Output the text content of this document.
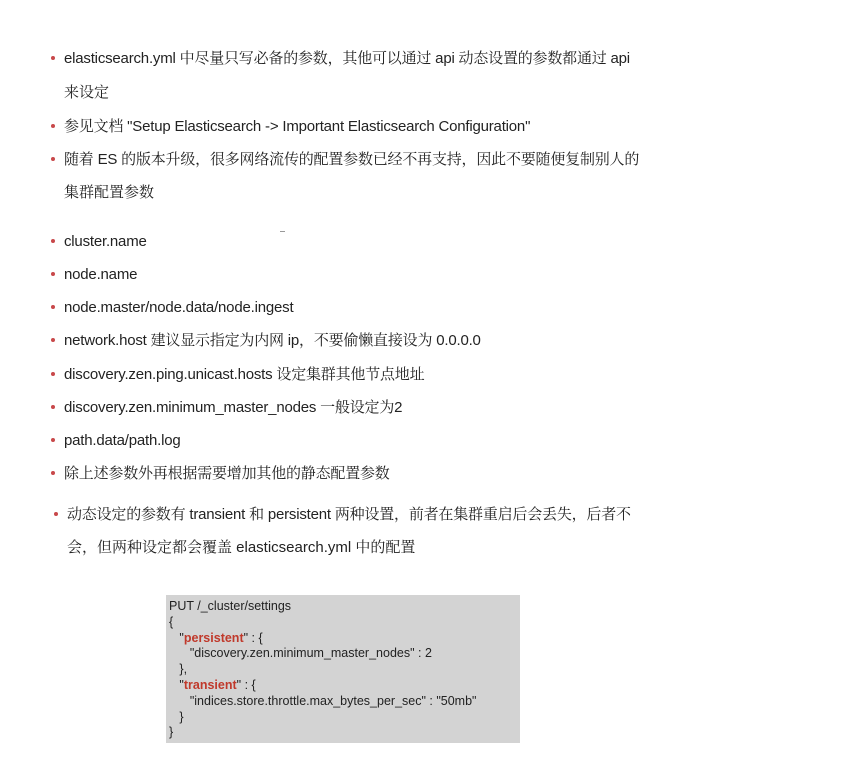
elasticsearch.yml 中尽量只写必备的参数，其他可以通过 api 动态设置的参数都通过 api
来设定
参见文档 "Setup Elasticsearch -> Important Elasticsearch Configuration"
随着 ES 的版本升级，很多网络流传的配置参数已经不再支持，因此不要随便复制别人的
集群配置参数
cluster.name
node.name
node.master/node.data/node.ingest
network.host 建议显示指定为内网 ip，不要偷懒直接设为 0.0.0.0
discovery.zen.ping.unicast.hosts 设定集群其他节点地址
discovery.zen.minimum_master_nodes 一般设定为2
path.data/path.log
除上述参数外再根据需要增加其他的静态配置参数
动态设定的参数有 transient 和 persistent 两种设置，前者在集群重启后会丢失，后者不
会，但两种设定都会覆盖 elasticsearch.yml 中的配置
PUT /_cluster/settings
{
"persistent" : {
"discovery.zen.minimum_master_nodes" : 2
},
"transient" : {
"indices.store.throttle.max_bytes_per_sec" : "50mb"
}
}
